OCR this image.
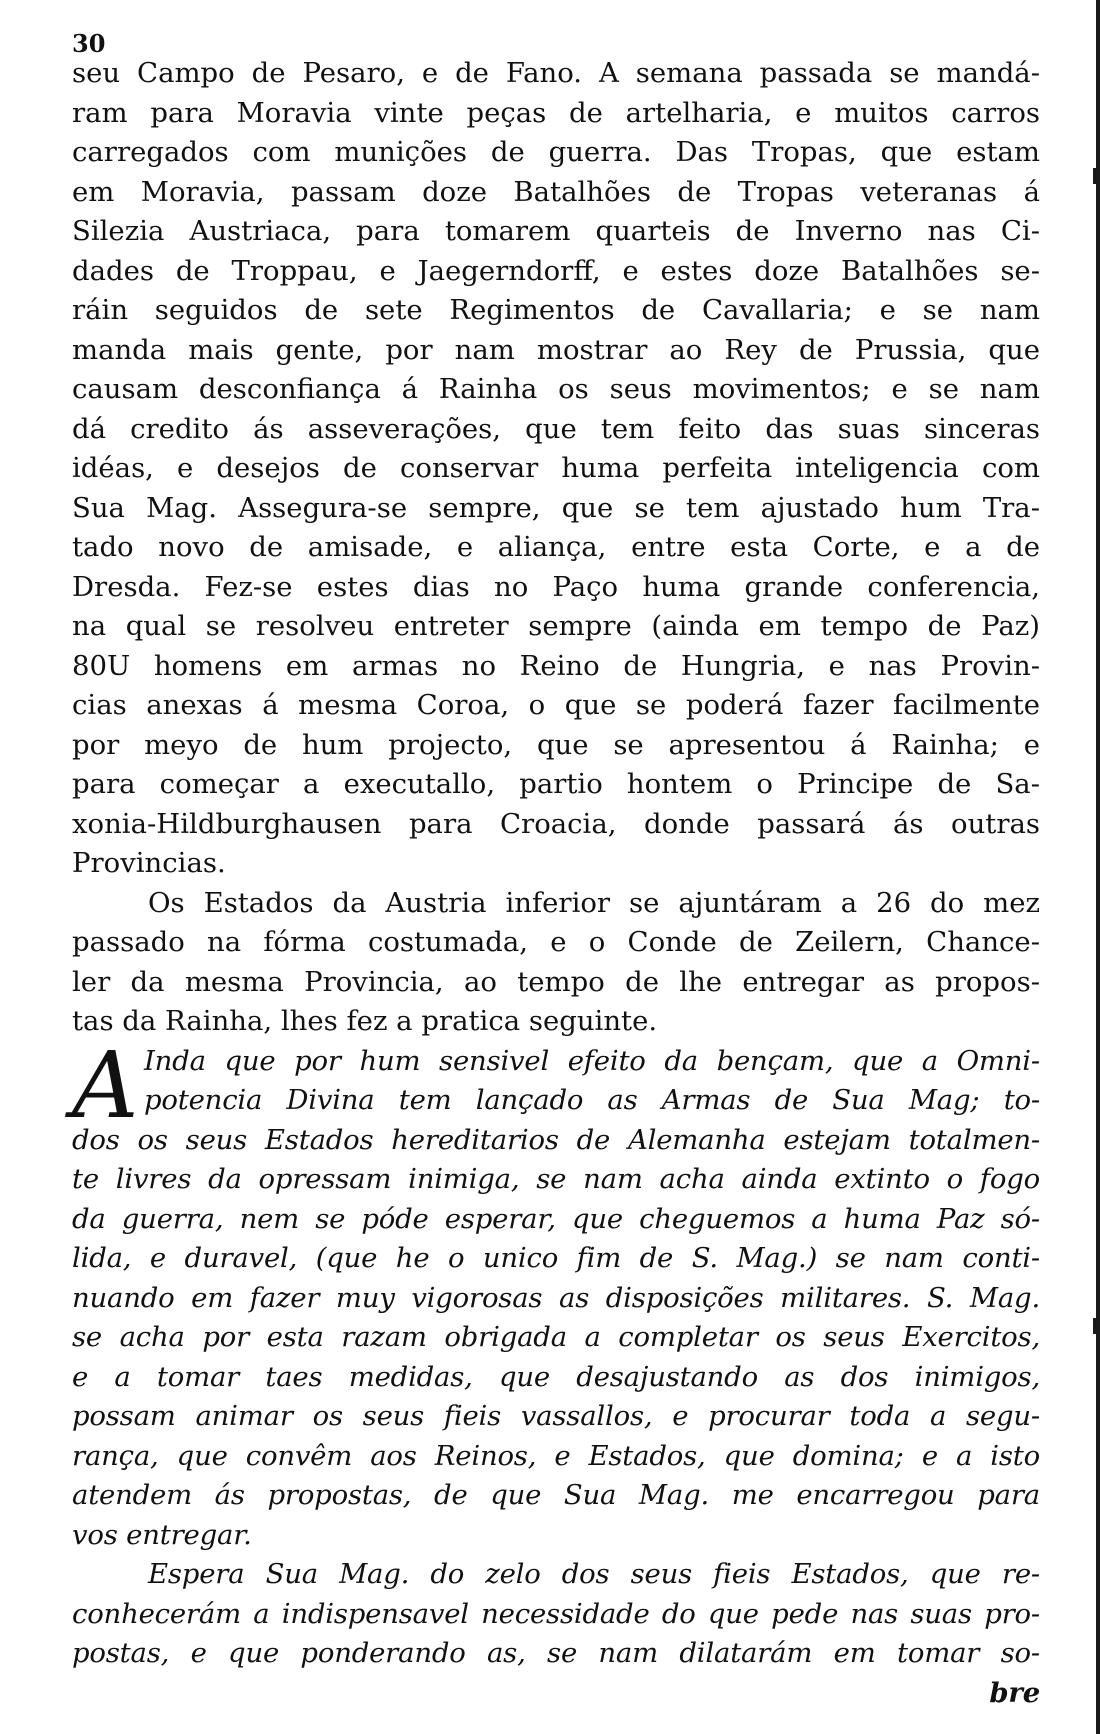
30
seu Campo de Pesaro, e de Fano. A semana passada se mandá-
ram para Moravia vinte peças de artelharia, e muitos carros
carregados com munições de guerra. Das Tropas, que estam
em Moravia, passam doze Batalhões de Tropas veteranas á
Silezia Austriaca, para tomarem quarteis de Inverno nas Ci-
dades de Troppau, e Jaegerndorff, e estes doze Batalhões se-
ráin seguidos de sete Regimentos de Cavallaria; e se nam
manda mais gente, por nam mostrar ao Rey de Prussia, que
causam desconfiança á Rainha os seus movimentos; e se nam
dá credito ás asseverações, que tem feito das suas sinceras
idéas, e desejos de conservar huma perfeita inteligencia com
Sua Mag. Assegura-se sempre, que se tem ajustado hum Tra-
tado novo de amisade, e aliança, entre esta Corte, e a de
Dresda. Fez-se estes dias no Paço huma grande conferencia,
na qual se resolveu entreter sempre (ainda em tempo de Paz)
80U homens em armas no Reino de Hungria, e nas Provin-
cias anexas á mesma Coroa, o que se poderá fazer facilmente
por meyo de hum projecto, que se apresentou á Rainha; e
para começar a executallo, partio hontem o Principe de Sa-
xonia-Hildburghausen para Croacia, donde passará ás outras
Provincias.
Os Estados da Austria inferior se ajuntáram a 26 do mez
passado na fórma costumada, e o Conde de Zeilern, Chance-
ler da mesma Provincia, ao tempo de lhe entregar as propos-
tas da Rainha, lhes fez a pratica seguinte.
A Inda que por hum sensivel efeito da bençam, que a Omni-
potencia Divina tem lançado as Armas de Sua Mag; to-
dos os seus Estados hereditarios de Alemanha estejam totalmen-
te livres da opressam inimiga, se nam acha ainda extinto o fogo
da guerra, nem se póde esperar, que cheguemos a huma Paz só-
lida, e duravel, (que he o unico fim de S. Mag.) se nam conti-
nuando em fazer muy vigorosas as disposições militares. S. Mag.
se acha por esta razam obrigada a completar os seus Exercitos,
e a tomar taes medidas, que desajustando as dos inimigos,
possam animar os seus fieis vassallos, e procurar toda a segu-
rança, que convêm aos Reinos, e Estados, que domina; e a isto
atendem ás propostas, de que Sua Mag. me encarregou para
vos entregar.
Espera Sua Mag. do zelo dos seus fieis Estados, que re-
conhecerám a indispensavel necessidade do que pede nas suas pro-
postas, e que ponderando as, se nam dilatarám em tomar so-
bre
